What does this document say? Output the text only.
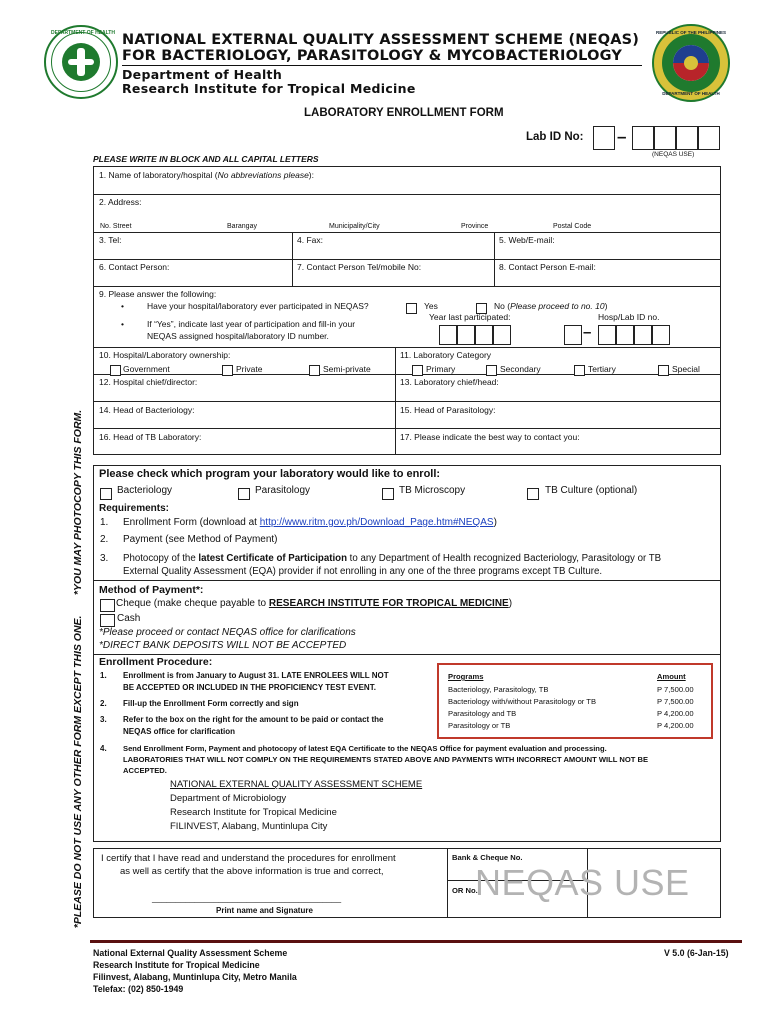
DEPARTMENT OF HEALTH NATIONAL EXTERNAL QUALITY ASSESSMENT SCHEME (NEQAS)
FOR BACTERIOLOGY, PARASITOLOGY & MYCOBACTERIOLOGY
Department of Health
Research Institute for Tropical Medicine
REPUBLIC OF THE PHILIPPINES
DEPARTMENT OF HEALTH
LABORATORY ENROLLMENT FORM
Lab ID No: –
(NEQAS USE)
PLEASE WRITE IN BLOCK AND ALL CAPITAL LETTERS
1. Name of laboratory/hospital (No abbreviations please):
2. Address:
No. Street	Barangay	Municipality/City	Province	Postal Code
3. Tel:	4. Fax:	5. Web/E-mail:
6. Contact Person:	7. Contact Person Tel/mobile No:	8. Contact Person E-mail:
9. Please answer the following:
•	Have your hospital/laboratory ever participated in NEQAS?	Yes	No (Please proceed to no. 10)
•	If “Yes”, indicate last year of participation and fill-in your
NEQAS assigned hospital/laboratory ID number.
Year last participated:	Hosp/Lab ID no.
–
10. Hospital/Laboratory ownership:
Government	Private	Semi-private
11. Laboratory Category
Primary	Secondary	Tertiary	Special
12. Hospital chief/director:	13. Laboratory chief/head:
14. Head of Bacteriology:	15. Head of Parasitology:
16. Head of TB Laboratory:	17. Please indicate the best way to contact you:
Please check which program your laboratory would like to enroll:
Bacteriology	Parasitology	TB Microscopy	TB Culture (optional)
Requirements:
1. Enrollment Form (download at http://www.ritm.gov.ph/Download_Page.htm#NEQAS)
2. Payment (see Method of Payment)
3. Photocopy of the latest Certificate of Participation to any Department of Health recognized Bacteriology, Parasitology or TB
External Quality Assessment (EQA) provider if not enrolling in any one of the three programs except TB Culture.
Method of Payment*:
Cheque (make cheque payable to RESEARCH INSTITUTE FOR TROPICAL MEDICINE)
Cash
*Please proceed or contact NEQAS office for clarifications
*DIRECT BANK DEPOSITS WILL NOT BE ACCEPTED
Enrollment Procedure:
1. Enrollment is from January to August 31. LATE ENROLEES WILL NOT
BE ACCEPTED OR INCLUDED IN THE PROFICIENCY TEST EVENT.
2. Fill-up the Enrollment Form correctly and sign
3. Refer to the box on the right for the amount to be paid or contact the
NEQAS office for clarification
4. Send Enrollment Form, Payment and photocopy of latest EQA Certificate to the NEQAS Office for payment evaluation and processing.
LABORATORIES THAT WILL NOT COMPLY ON THE REQUIREMENTS STATED ABOVE AND PAYMENTS WITH INCORRECT AMOUNT WILL NOT BE
ACCEPTED.
NATIONAL EXTERNAL QUALITY ASSESSMENT SCHEME
Department of Microbiology
Research Institute for Tropical Medicine
FILINVEST, Alabang, Muntinlupa City
Programs	Amount
Bacteriology, Parasitology, TB	P 7,500.00
Bacteriology with/without Parasitology or TB	P 7,500.00
Parasitology and TB	P 4,200.00
Parasitology or TB	P 4,200.00
I certify that I have read and understand the procedures for enrollment
as well as certify that the above information is true and correct,
________________________________________
Print name and Signature
Bank & Cheque No.
OR No.
NEQAS USE
*PLEASE DO NOT USE ANY OTHER FORM EXCEPT THIS ONE.       *YOU MAY PHOTOCOPY THIS FORM.
National External Quality Assessment Scheme
Research Institute for Tropical Medicine
Filinvest, Alabang, Muntinlupa City, Metro Manila
Telefax: (02) 850-1949
V 5.0 (6-Jan-15)
